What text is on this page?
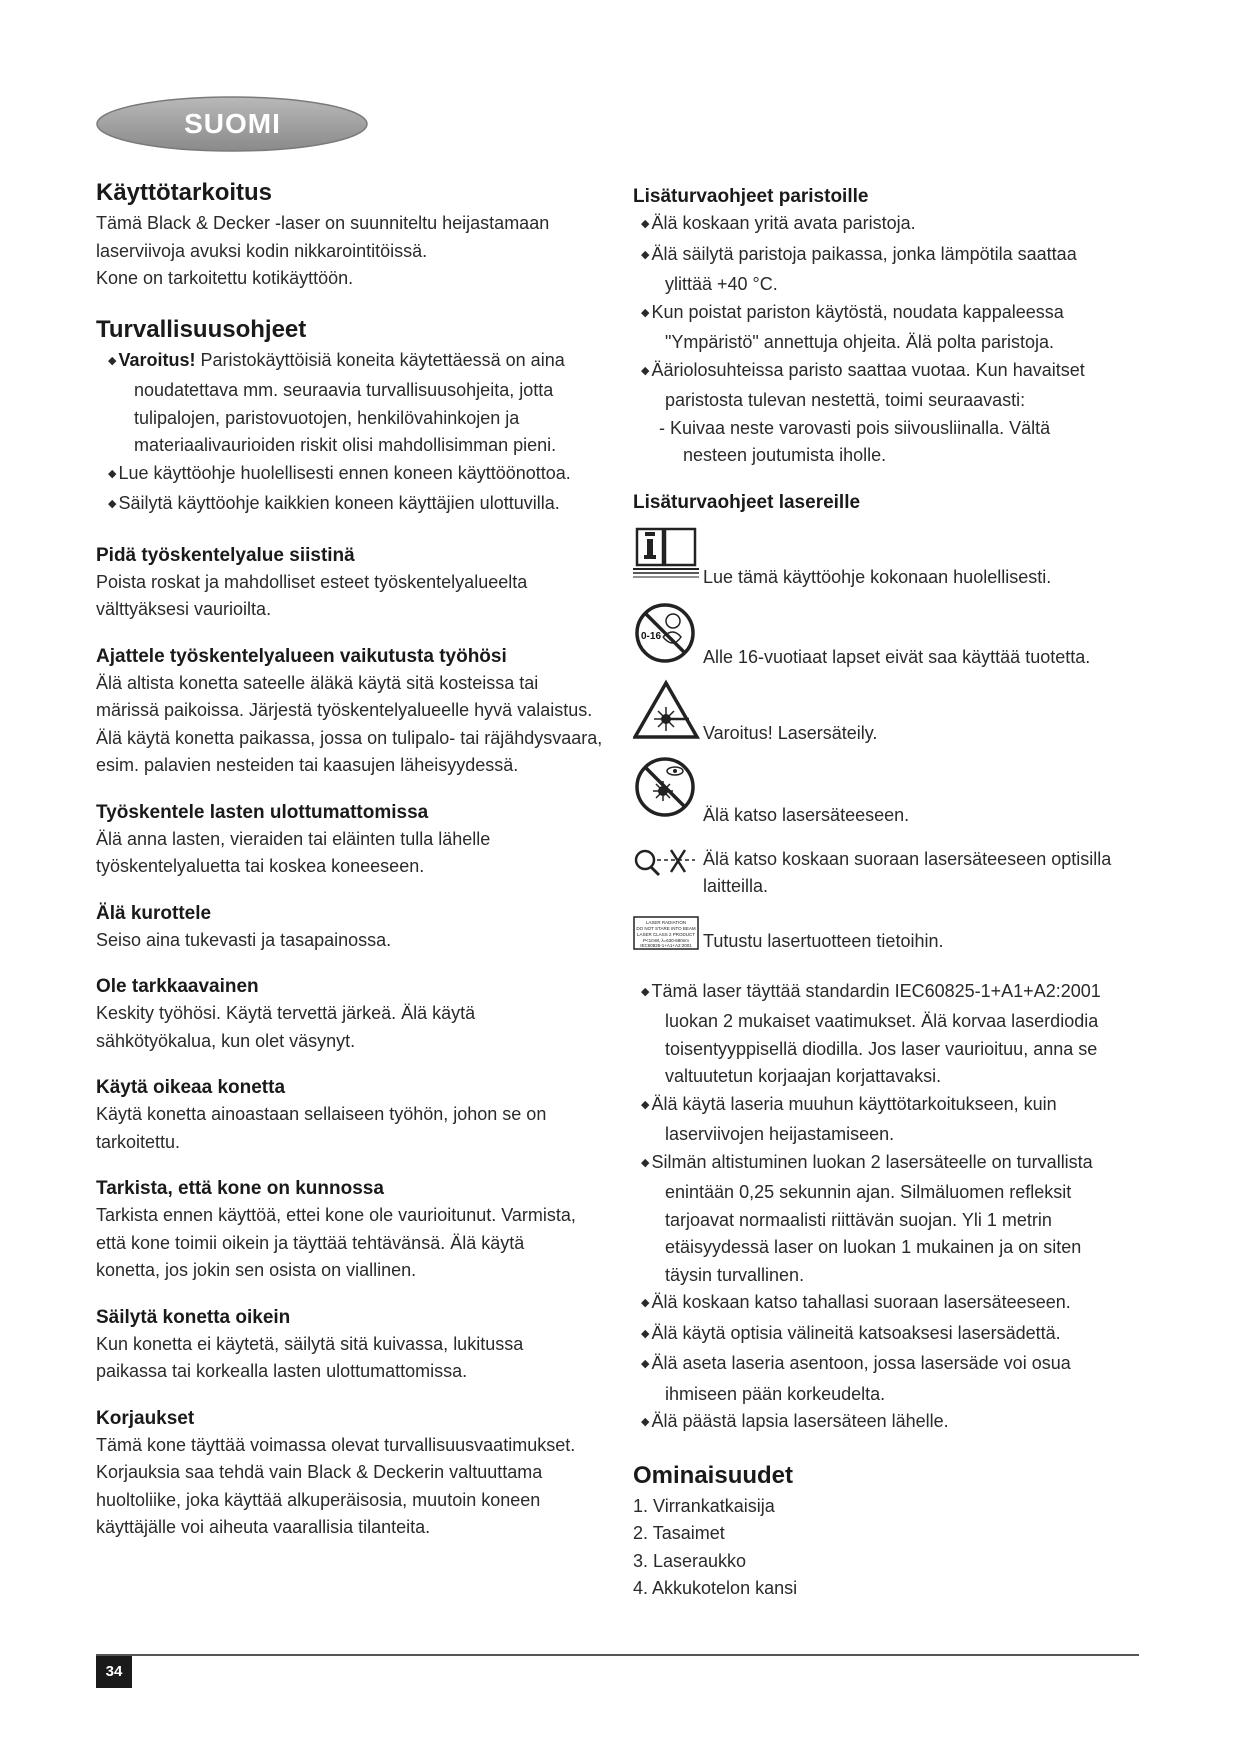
SUOMI
Käyttötarkoitus

Tämä Black & Decker -laser on suunniteltu heijastamaan

laserviivoja avuksi kodin nikkarointitöissä.

Kone on tarkoitettu kotikäyttöön.

Turvallisuusohjeet
◆ Varoitus! Paristokäyttöisiä koneita käytettäessä on aina
noudatettava mm. seuraavia turvallisuusohjeita, jotta
tulipalojen, paristovuotojen, henkilövahinkojen ja
materiaalivaurioiden riskit olisi mahdollisimman pieni.
◆ Lue käyttöohje huolellisesti ennen koneen käyttöönottoa.
◆ Säilytä käyttöohje kaikkien koneen käyttäjien ulottuvilla.
Pidä työskentelyalue siistinä

Poista roskat ja mahdolliset esteet työskentelyalueelta

välttyäksesi vaurioilta.

Ajattele työskentelyalueen vaikutusta työhösi

Älä altista konetta sateelle äläkä käytä sitä kosteissa tai

märissä paikoissa. Järjestä työskentelyalueelle hyvä valaistus.

Älä käytä konetta paikassa, jossa on tulipalo- tai räjähdysvaara,

esim. palavien nesteiden tai kaasujen läheisyydessä.

Työskentele lasten ulottumattomissa

Älä anna lasten, vieraiden tai eläinten tulla lähelle

työskentelyaluetta tai koskea koneeseen.

Älä kurottele

Seiso aina tukevasti ja tasapainossa.

Ole tarkkaavainen

Keskity työhösi. Käytä tervettä järkeä. Älä käytä

sähkötyökalua, kun olet väsynyt.

Käytä oikeaa konetta

Käytä konetta ainoastaan sellaiseen työhön, johon se on

tarkoitettu.

Tarkista, että kone on kunnossa

Tarkista ennen käyttöä, ettei kone ole vaurioitunut. Varmista,

että kone toimii oikein ja täyttää tehtävänsä. Älä käytä

konetta, jos jokin sen osista on viallinen.

Säilytä konetta oikein

Kun konetta ei käytetä, säilytä sitä kuivassa, lukitussa

paikassa tai korkealla lasten ulottumattomissa.

Korjaukset

Tämä kone täyttää voimassa olevat turvallisuusvaatimukset.

Korjauksia saa tehdä vain Black & Deckerin valtuuttama

huoltoliike, joka käyttää alkuperäisosia, muutoin koneen

käyttäjälle voi aiheuta vaarallisia tilanteita.

Lisäturvaohjeet paristoille
◆ Älä koskaan yritä avata paristoja.
◆ Älä säilytä paristoja paikassa, jonka lämpötila saattaa
ylittää +40 °C.
◆ Kun poistat pariston käytöstä, noudata kappaleessa
"Ympäristö" annettuja ohjeita. Älä polta paristoja.
◆ Ääriolosuhteissa paristo saattaa vuotaa. Kun havaitset
paristosta tulevan nestettä, toimi seuraavasti:
- Kuivaa neste varovasti pois siivousliinalla. Vältä
nesteen joutumista iholle.
Lisäturvaohjeet lasereille
Lue tämä käyttöohje kokonaan huolellisesti.
0-16
Alle 16-vuotiaat lapset eivät saa käyttää tuotetta.
Varoitus! Lasersäteily.
Älä katso lasersäteeseen.
Älä katso koskaan suoraan lasersäteeseen optisilla
laitteilla.
LASER RADIATION
DO NOT STARE INTO BEAM
LASER CLASS 2 PRODUCT
P<1mW, λ=630-680nm
IEC60825-1+A1+A2:2001 Tutustu lasertuotteen tietoihin.
◆ Tämä laser täyttää standardin IEC60825-1+A1+A2:2001
luokan 2 mukaiset vaatimukset. Älä korvaa laserdiodia
toisentyyppisellä diodilla. Jos laser vaurioituu, anna se
valtuutetun korjaajan korjattavaksi.
◆ Älä käytä laseria muuhun käyttötarkoitukseen, kuin
laserviivojen heijastamiseen.
◆ Silmän altistuminen luokan 2 lasersäteelle on turvallista
enintään 0,25 sekunnin ajan. Silmäluomen refleksit
tarjoavat normaalisti riittävän suojan. Yli 1 metrin
etäisyydessä laser on luokan 1 mukainen ja on siten
täysin turvallinen.
◆ Älä koskaan katso tahallasi suoraan lasersäteeseen.
◆ Älä käytä optisia välineitä katsoaksesi lasersädettä.
◆ Älä aseta laseria asentoon, jossa lasersäde voi osua
ihmiseen pään korkeudelta.
◆ Älä päästä lapsia lasersäteen lähelle.
Ominaisuudet
1. Virrankatkaisija
2. Tasaimet
3. Laseraukko
4. Akkukotelon kansi
34
